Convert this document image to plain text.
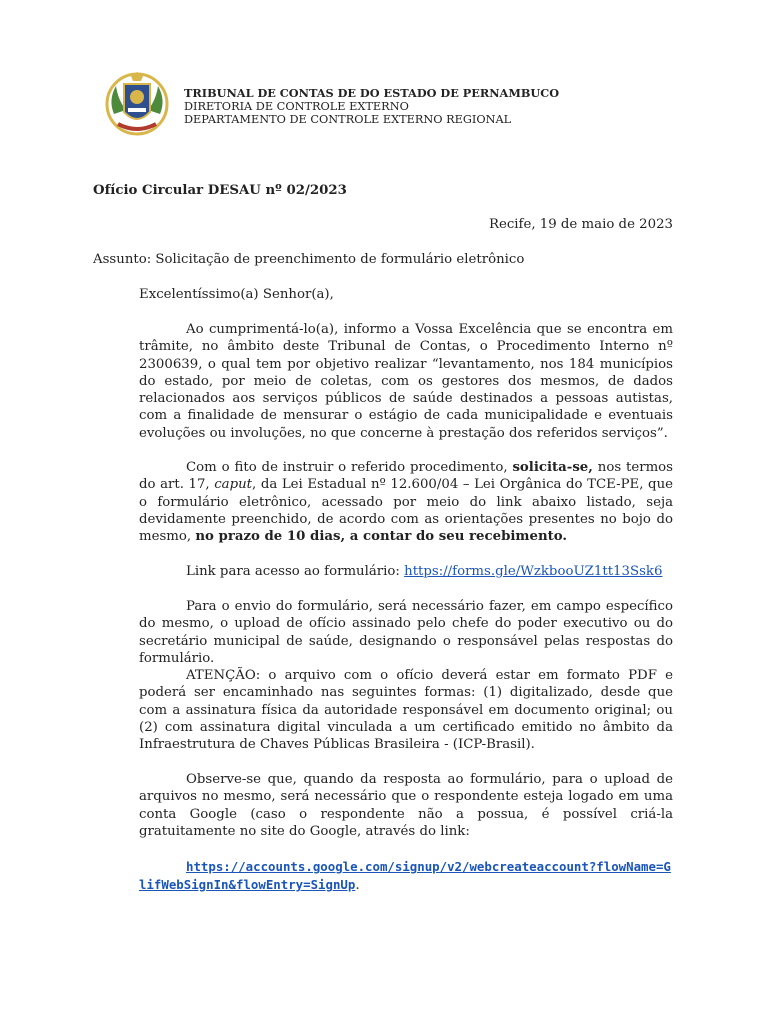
TRIBUNAL DE CONTAS DE DO ESTADO DE PERNAMBUCO
DIRETORIA DE CONTROLE EXTERNO
DEPARTAMENTO DE CONTROLE EXTERNO REGIONAL
Ofício Circular DESAU nº 02/2023
Recife, 19 de maio de 2023
Assunto: Solicitação de preenchimento de formulário eletrônico
Excelentíssimo(a) Senhor(a),

Ao cumprimentá-lo(a), informo a Vossa Excelência que se encontra em trâmite, no âmbito deste Tribunal de Contas, o Procedimento Interno nº 2300639, o qual tem por objetivo realizar “levantamento, nos 184 municípios do estado, por meio de coletas, com os gestores dos mesmos, de dados relacionados aos serviços públicos de saúde destinados a pessoas autistas, com a finalidade de mensurar o estágio de cada municipalidade e eventuais evoluções ou involuções, no que concerne à prestação dos referidos serviços”.

Com o fito de instruir o referido procedimento, solicita-se, nos termos do art. 17, caput, da Lei Estadual nº 12.600/04 – Lei Orgânica do TCE-PE, que o formulário eletrônico, acessado por meio do link abaixo listado, seja devidamente preenchido, de acordo com as orientações presentes no bojo do mesmo, no prazo de 10 dias, a contar do seu recebimento.

Link para acesso ao formulário: https://forms.gle/WzkbooUZ1tt13Ssk6

Para o envio do formulário, será necessário fazer, em campo específico do mesmo, o upload de ofício assinado pelo chefe do poder executivo ou do secretário municipal de saúde, designando o responsável pelas respostas do formulário.

ATENÇÃO: o arquivo com o ofício deverá estar em formato PDF e poderá ser encaminhado nas seguintes formas: (1) digitalizado, desde que com a assinatura física da autoridade responsável em documento original; ou (2) com assinatura digital vinculada a um certificado emitido no âmbito da Infraestrutura de Chaves Públicas Brasileira - (ICP-Brasil).

Observe-se que, quando da resposta ao formulário, para o upload de arquivos no mesmo, será necessário que o respondente esteja logado em uma conta Google (caso o respondente não a possua, é possível criá-la gratuitamente no site do Google, através do link:

https://accounts.google.com/signup/v2/webcreateaccount?flowName=GlifWebSignIn&flowEntry=SignUp.
